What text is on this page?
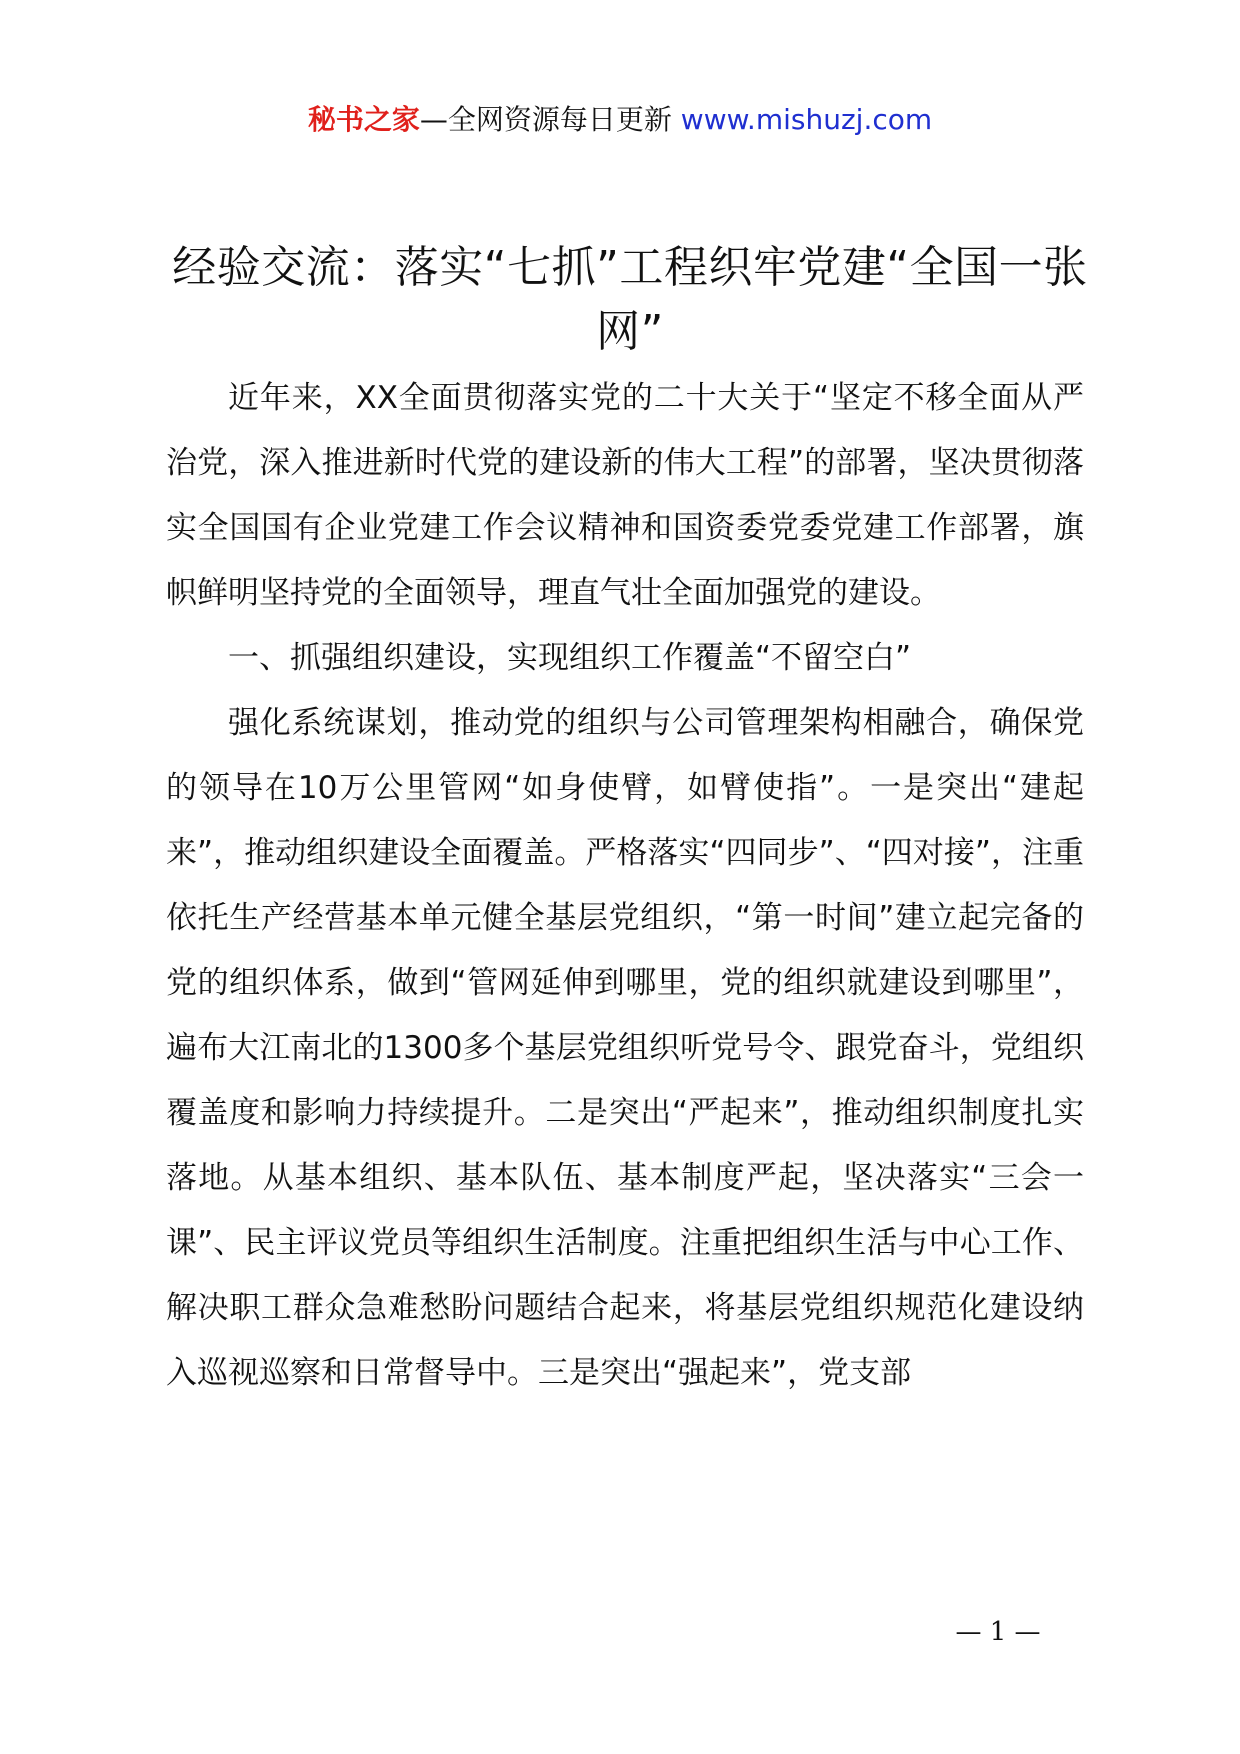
秘书之家—全网资源每日更新 www.mishuzj.com
经验交流：落实“七抓”工程织牢党建“全国一张网”

近年来，XX全面贯彻落实党的二十大关于“坚定不移全面从严治党，深入推进新时代党的建设新的伟大工程”的部署，坚决贯彻落实全国国有企业党建工作会议精神和国资委党委党建工作部署，旗帜鲜明坚持党的全面领导，理直气壮全面加强党的建设。

一、抓强组织建设，实现组织工作覆盖“不留空白”

强化系统谋划，推动党的组织与公司管理架构相融合，确保党的领导在10万公里管网“如身使臂，如臂使指”。一是突出“建起来”，推动组织建设全面覆盖。严格落实“四同步”、“四对接”，注重依托生产经营基本单元健全基层党组织，“第一时间”建立起完备的党的组织体系，做到“管网延伸到哪里，党的组织就建设到哪里”，遍布大江南北的1300多个基层党组织听党号令、跟党奋斗，党组织覆盖度和影响力持续提升。二是突出“严起来”，推动组织制度扎实落地。从基本组织、基本队伍、基本制度严起，坚决落实“三会一课”、民主评议党员等组织生活制度。注重把组织生活与中心工作、解决职工群众急难愁盼问题结合起来，将基层党组织规范化建设纳入巡视巡察和日常督导中。三是突出“强起来”，党支部

— 1 —
